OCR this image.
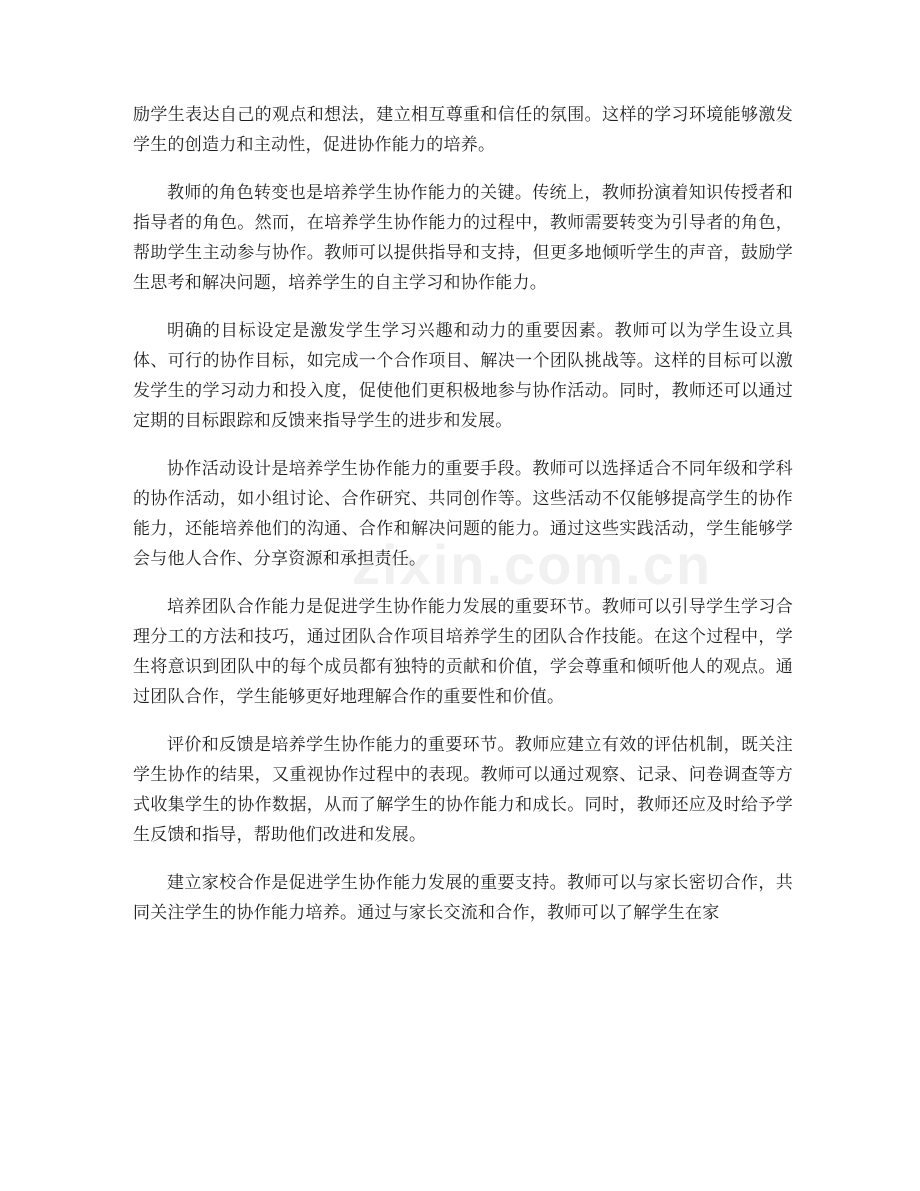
zixin.com.cn

励学生表达自己的观点和想法，建立相互尊重和信任的氛围。这样的学习环境能够激发学生的创造力和主动性，促进协作能力的培养。

教师的角色转变也是培养学生协作能力的关键。传统上，教师扮演着知识传授者和指导者的角色。然而，在培养学生协作能力的过程中，教师需要转变为引导者的角色，帮助学生主动参与协作。教师可以提供指导和支持，但更多地倾听学生的声音，鼓励学生思考和解决问题，培养学生的自主学习和协作能力。

明确的目标设定是激发学生学习兴趣和动力的重要因素。教师可以为学生设立具体、可行的协作目标，如完成一个合作项目、解决一个团队挑战等。这样的目标可以激发学生的学习动力和投入度，促使他们更积极地参与协作活动。同时，教师还可以通过定期的目标跟踪和反馈来指导学生的进步和发展。

协作活动设计是培养学生协作能力的重要手段。教师可以选择适合不同年级和学科的协作活动，如小组讨论、合作研究、共同创作等。这些活动不仅能够提高学生的协作能力，还能培养他们的沟通、合作和解决问题的能力。通过这些实践活动，学生能够学会与他人合作、分享资源和承担责任。

培养团队合作能力是促进学生协作能力发展的重要环节。教师可以引导学生学习合理分工的方法和技巧，通过团队合作项目培养学生的团队合作技能。在这个过程中，学生将意识到团队中的每个成员都有独特的贡献和价值，学会尊重和倾听他人的观点。通过团队合作，学生能够更好地理解合作的重要性和价值。

评价和反馈是培养学生协作能力的重要环节。教师应建立有效的评估机制，既关注学生协作的结果，又重视协作过程中的表现。教师可以通过观察、记录、问卷调查等方式收集学生的协作数据，从而了解学生的协作能力和成长。同时，教师还应及时给予学生反馈和指导，帮助他们改进和发展。

建立家校合作是促进学生协作能力发展的重要支持。教师可以与家长密切合作，共同关注学生的协作能力培养。通过与家长交流和合作，教师可以了解学生在家
